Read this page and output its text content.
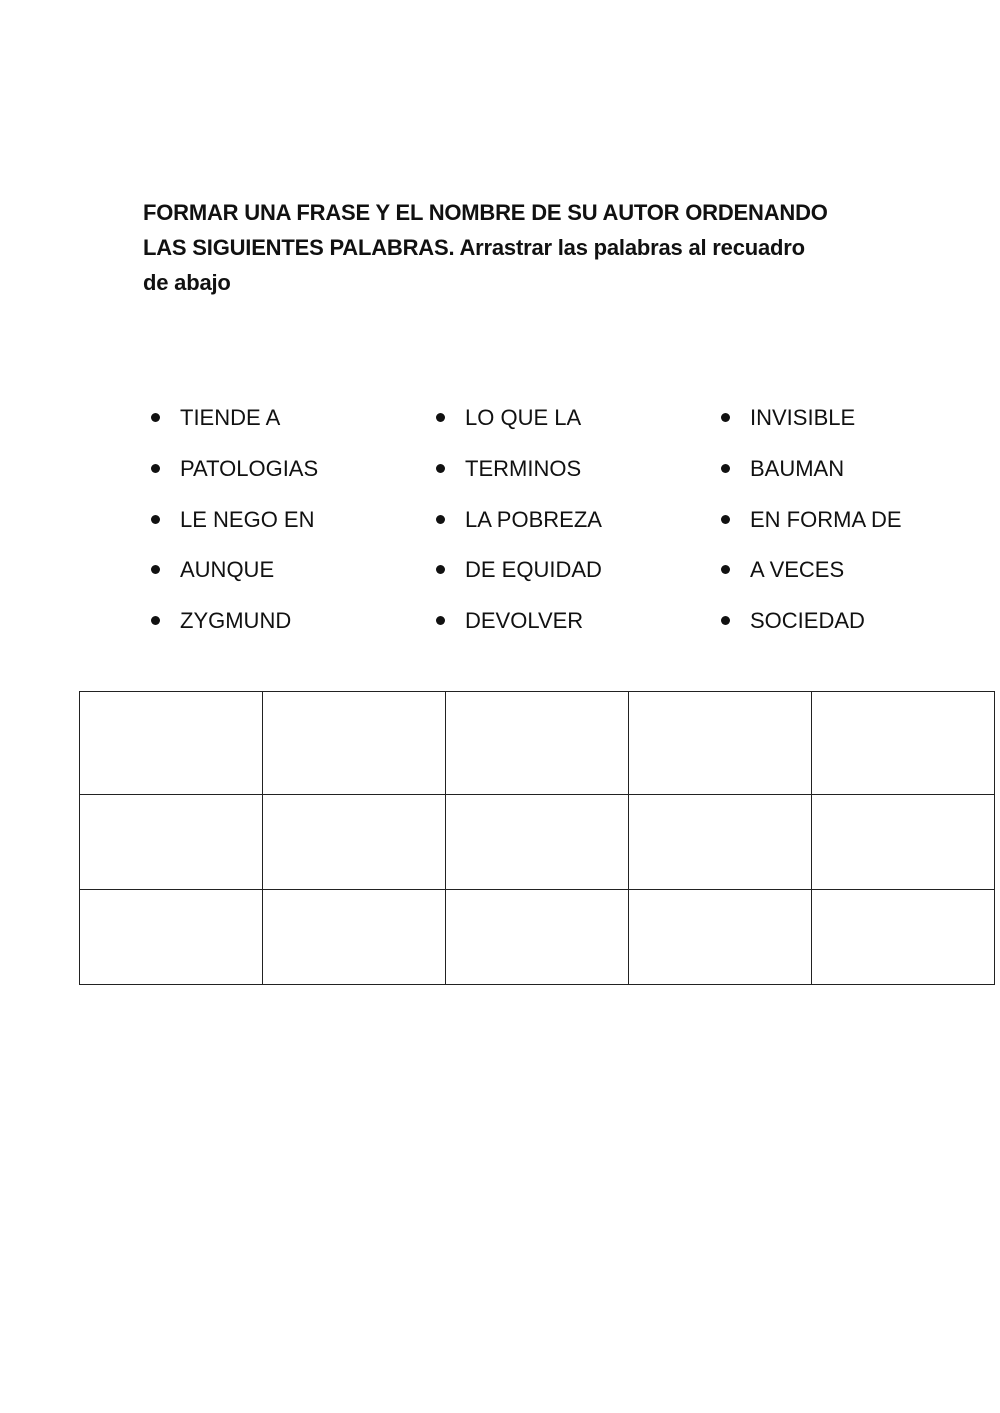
FORMAR UNA FRASE Y EL NOMBRE DE SU AUTOR ORDENANDO
LAS SIGUIENTES PALABRAS. Arrastrar las palabras al recuadro
de abajo
TIENDE A
PATOLOGIAS
LE NEGO EN
AUNQUE
ZYGMUND
LO QUE LA
TERMINOS
LA POBREZA
DE EQUIDAD
DEVOLVER
INVISIBLE
BAUMAN
EN FORMA DE
A VECES
SOCIEDAD
